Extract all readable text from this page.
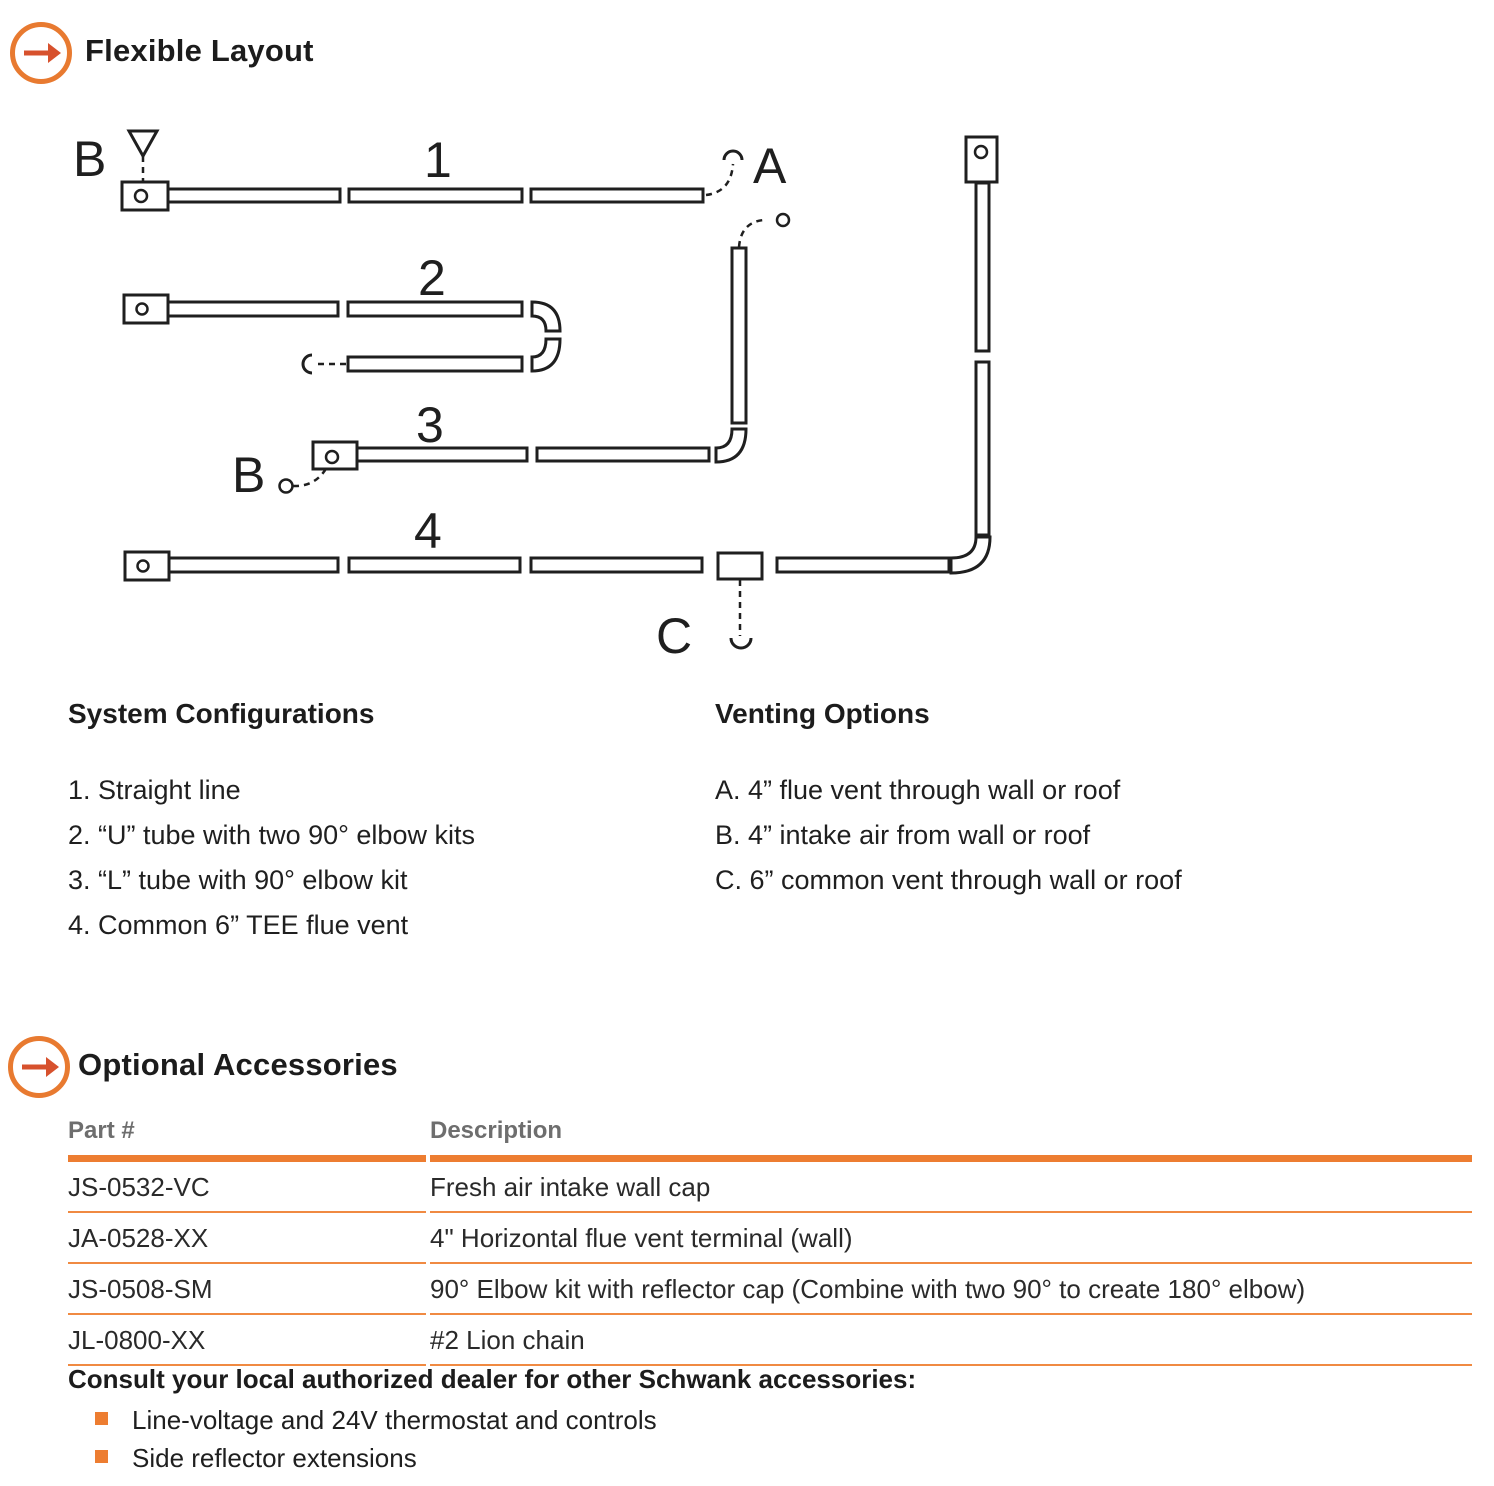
Flexible Layout
B	1	A
2
3
B
4
C
System Configurations
1. Straight line
2. “U” tube with two 90° elbow kits
3. “L” tube with 90° elbow kit
4. Common 6” TEE flue vent
Venting Options
A. 4” flue vent through wall or roof
B. 4” intake air from wall or roof
C. 6” common vent through wall or roof
Optional Accessories
Part #	Description
JS-0532-VC	Fresh air intake wall cap
JA-0528-XX	4" Horizontal flue vent terminal (wall)
JS-0508-SM	90° Elbow kit with reflector cap (Combine with two 90° to create 180° elbow)
JL-0800-XX	#2 Lion chain
Consult your local authorized dealer for other Schwank accessories:
Line-voltage and 24V thermostat and controls
Side reflector extensions
